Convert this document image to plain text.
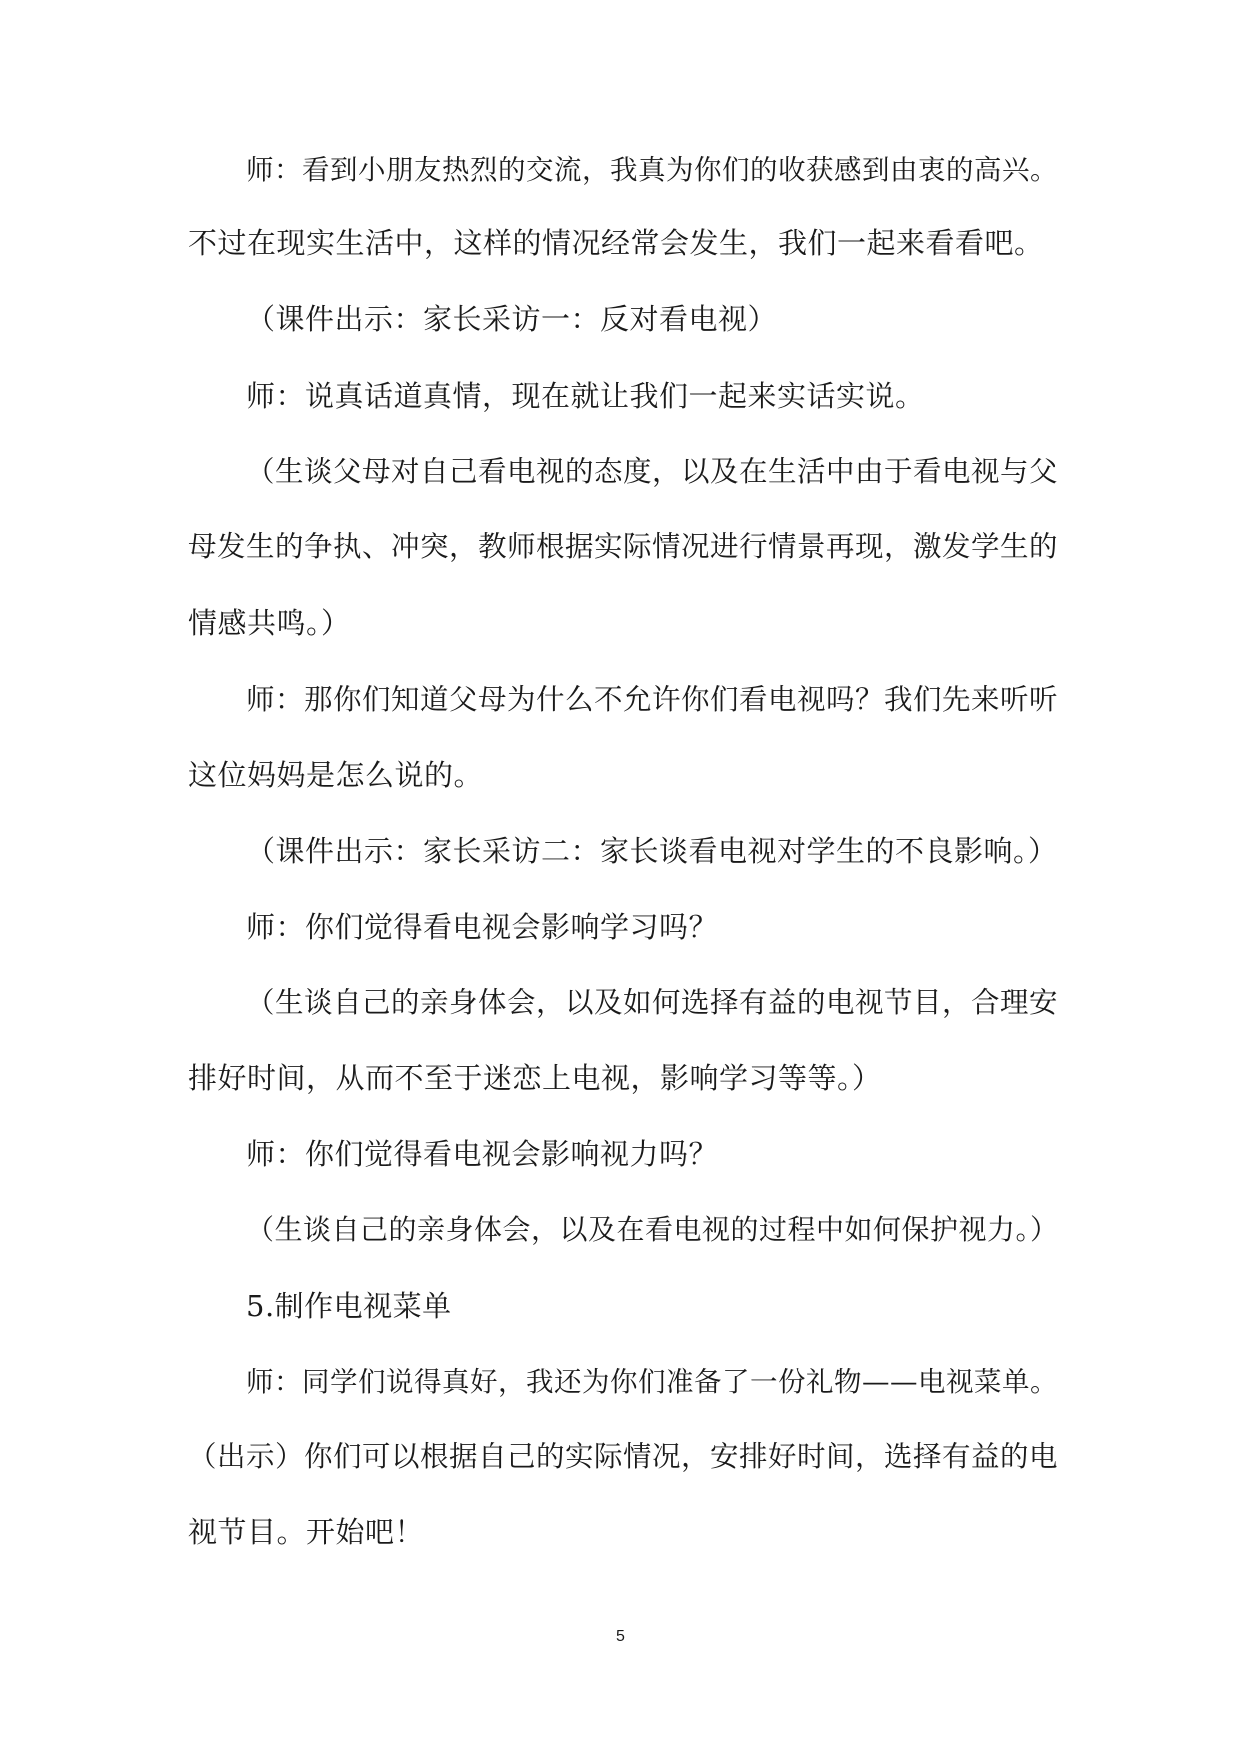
师：看到小朋友热烈的交流，我真为你们的收获感到由衷的高兴。
不过在现实生活中，这样的情况经常会发生，我们一起来看看吧。
（课件出示：家长采访一：反对看电视）
师：说真话道真情，现在就让我们一起来实话实说。
（生谈父母对自己看电视的态度，以及在生活中由于看电视与父
母发生的争执、冲突，教师根据实际情况进行情景再现，激发学生的
情感共鸣。）
师：那你们知道父母为什么不允许你们看电视吗？我们先来听听
这位妈妈是怎么说的。
（课件出示：家长采访二：家长谈看电视对学生的不良影响。）
师：你们觉得看电视会影响学习吗？
（生谈自己的亲身体会，以及如何选择有益的电视节目，合理安
排好时间，从而不至于迷恋上电视，影响学习等等。）
师：你们觉得看电视会影响视力吗？
（生谈自己的亲身体会，以及在看电视的过程中如何保护视力。）
5.制作电视菜单
师：同学们说得真好，我还为你们准备了一份礼物——电视菜单。
（出示）你们可以根据自己的实际情况，安排好时间，选择有益的电
视节目。开始吧！
5
